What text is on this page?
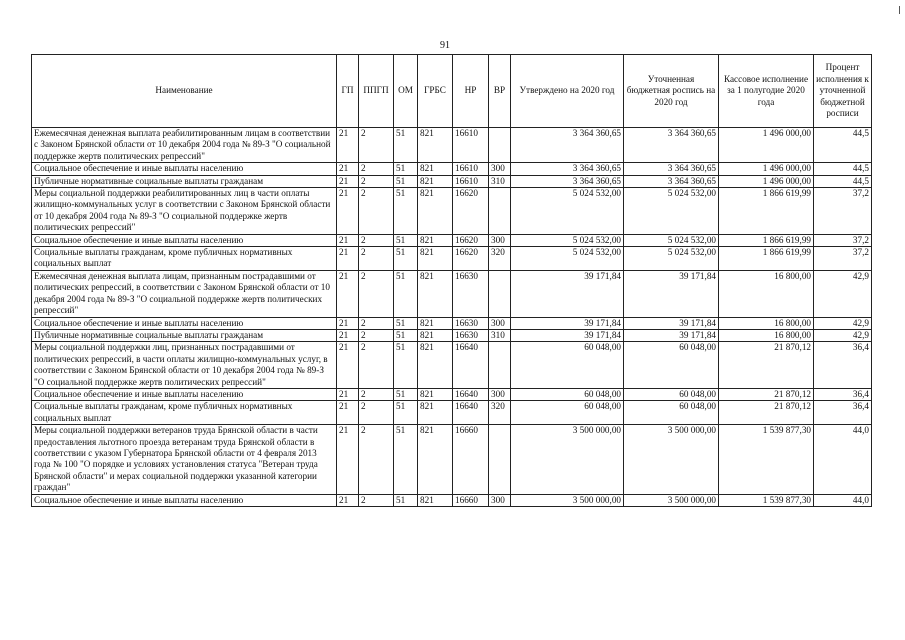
91
Наименование	ГП	ППГП	ОМ	ГРБС	НР	ВР	Утверждено на 2020 год	Уточненная бюджетная роспись на 2020 год	Кассовое исполнение за 1 полугодие 2020 года	Процент исполнения к уточненной бюджетной росписи
Ежемесячная денежная выплата реабилитированным лицам в соответствии с Законом Брянской области от 10 декабря 2004 года № 89-З "О социальной поддержке жертв политических репрессий"	21	2	51	821	16610		3 364 360,65	3 364 360,65	1 496 000,00	44,5
Социальное обеспечение и иные выплаты населению	21	2	51	821	16610	300	3 364 360,65	3 364 360,65	1 496 000,00	44,5
Публичные нормативные социальные выплаты гражданам	21	2	51	821	16610	310	3 364 360,65	3 364 360,65	1 496 000,00	44,5
Меры социальной поддержки реабилитированных лиц в части оплаты жилищно-коммунальных услуг в соответствии с Законом Брянской области от 10 декабря 2004 года № 89-З "О социальной поддержке жертв политических репрессий"	21	2	51	821	16620		5 024 532,00	5 024 532,00	1 866 619,99	37,2
Социальное обеспечение и иные выплаты населению	21	2	51	821	16620	300	5 024 532,00	5 024 532,00	1 866 619,99	37,2
Социальные выплаты гражданам, кроме публичных нормативных социальных выплат	21	2	51	821	16620	320	5 024 532,00	5 024 532,00	1 866 619,99	37,2
Ежемесячная денежная выплата лицам, признанным пострадавшими от политических репрессий, в соответствии с Законом Брянской области от 10 декабря 2004 года № 89-З "О социальной поддержке жертв политических репрессий"	21	2	51	821	16630		39 171,84	39 171,84	16 800,00	42,9
Социальное обеспечение и иные выплаты населению	21	2	51	821	16630	300	39 171,84	39 171,84	16 800,00	42,9
Публичные нормативные социальные выплаты гражданам	21	2	51	821	16630	310	39 171,84	39 171,84	16 800,00	42,9
Меры социальной поддержки лиц, признанных пострадавшими от политических репрессий, в части оплаты жилищно-коммунальных услуг, в соответствии с Законом Брянской области от 10 декабря 2004 года № 89-З "О социальной поддержке жертв политических репрессий"	21	2	51	821	16640		60 048,00	60 048,00	21 870,12	36,4
Социальное обеспечение и иные выплаты населению	21	2	51	821	16640	300	60 048,00	60 048,00	21 870,12	36,4
Социальные выплаты гражданам, кроме публичных нормативных социальных выплат	21	2	51	821	16640	320	60 048,00	60 048,00	21 870,12	36,4
Меры социальной поддержки ветеранов труда Брянской области в части предоставления льготного проезда ветеранам труда Брянской области в соответствии с указом Губернатора Брянской области от 4 февраля 2013 года № 100 "О порядке и условиях установления статуса "Ветеран труда Брянской области" и мерах социальной поддержки указанной категории граждан"	21	2	51	821	16660		3 500 000,00	3 500 000,00	1 539 877,30	44,0
Социальное обеспечение и иные выплаты населению	21	2	51	821	16660	300	3 500 000,00	3 500 000,00	1 539 877,30	44,0
